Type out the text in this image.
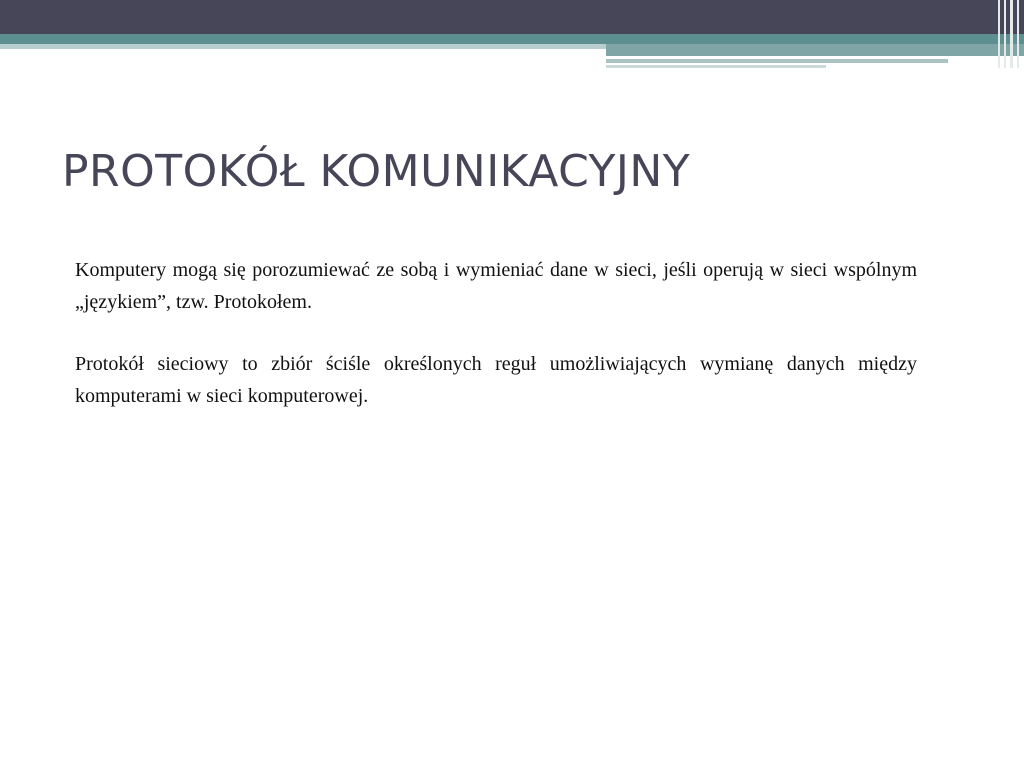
PROTOKÓŁ KOMUNIKACYJNY

Komputery mogą się porozumiewać ze sobą i wymieniać dane w sieci, jeśli operują w sieci wspólnym „językiem”, tzw. Protokołem.

Protokół sieciowy to zbiór ściśle określonych reguł umożliwiających wymianę danych między komputerami w sieci komputerowej.
